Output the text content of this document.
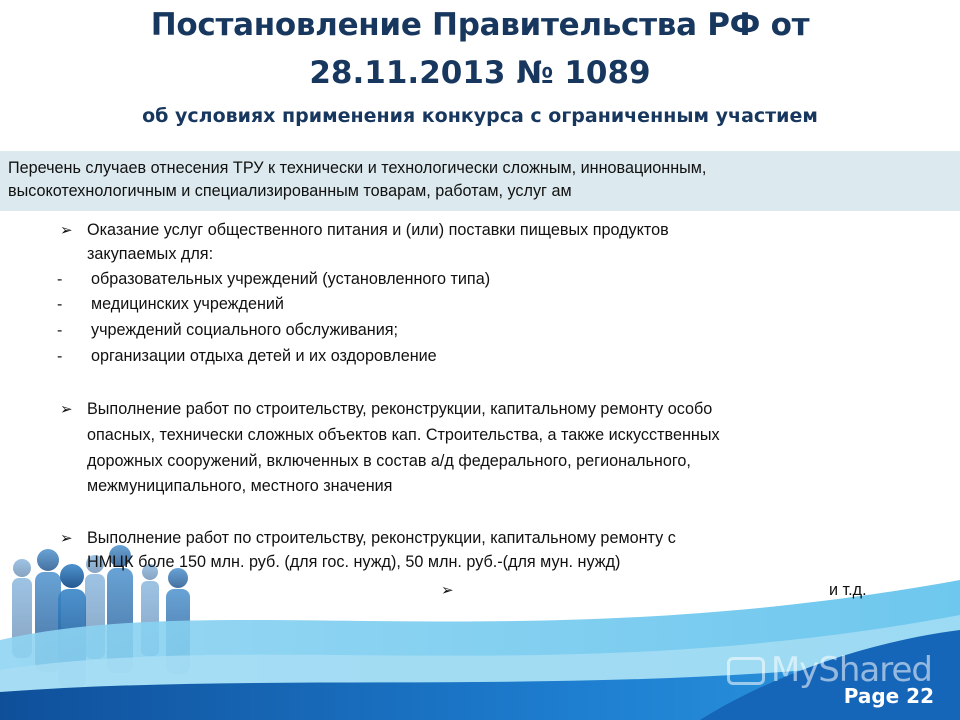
Постановление Правительства РФ от
28.11.2013 № 1089
об условиях применения конкурса с ограниченным участием
Перечень случаев отнесения ТРУ к технически и технологически сложным, инновационным,
высокотехнологичным и специализированным товарам, работам, услуг ам
MyShared
➢ Оказание услуг общественного питания и (или) поставки пищевых продуктов
закупаемых для:
- образовательных учреждений (установленного типа)
- медицинских учреждений
- учреждений социального обслуживания;
- организации отдыха детей и их оздоровление
➢ Выполнение работ по строительству, реконструкции, капитальному ремонту особо
опасных, технически сложных объектов кап. Строительства, а также искусственных
дорожных сооружений, включенных в состав а/д федерального, регионального,
межмуниципального, местного значения
➢ Выполнение работ по строительству, реконструкции, капитальному ремонту с
НМЦК боле 150 млн. руб. (для гос. нужд), 50 млн. руб.-(для мун. нужд)
➢	и т.д.
Page 22
